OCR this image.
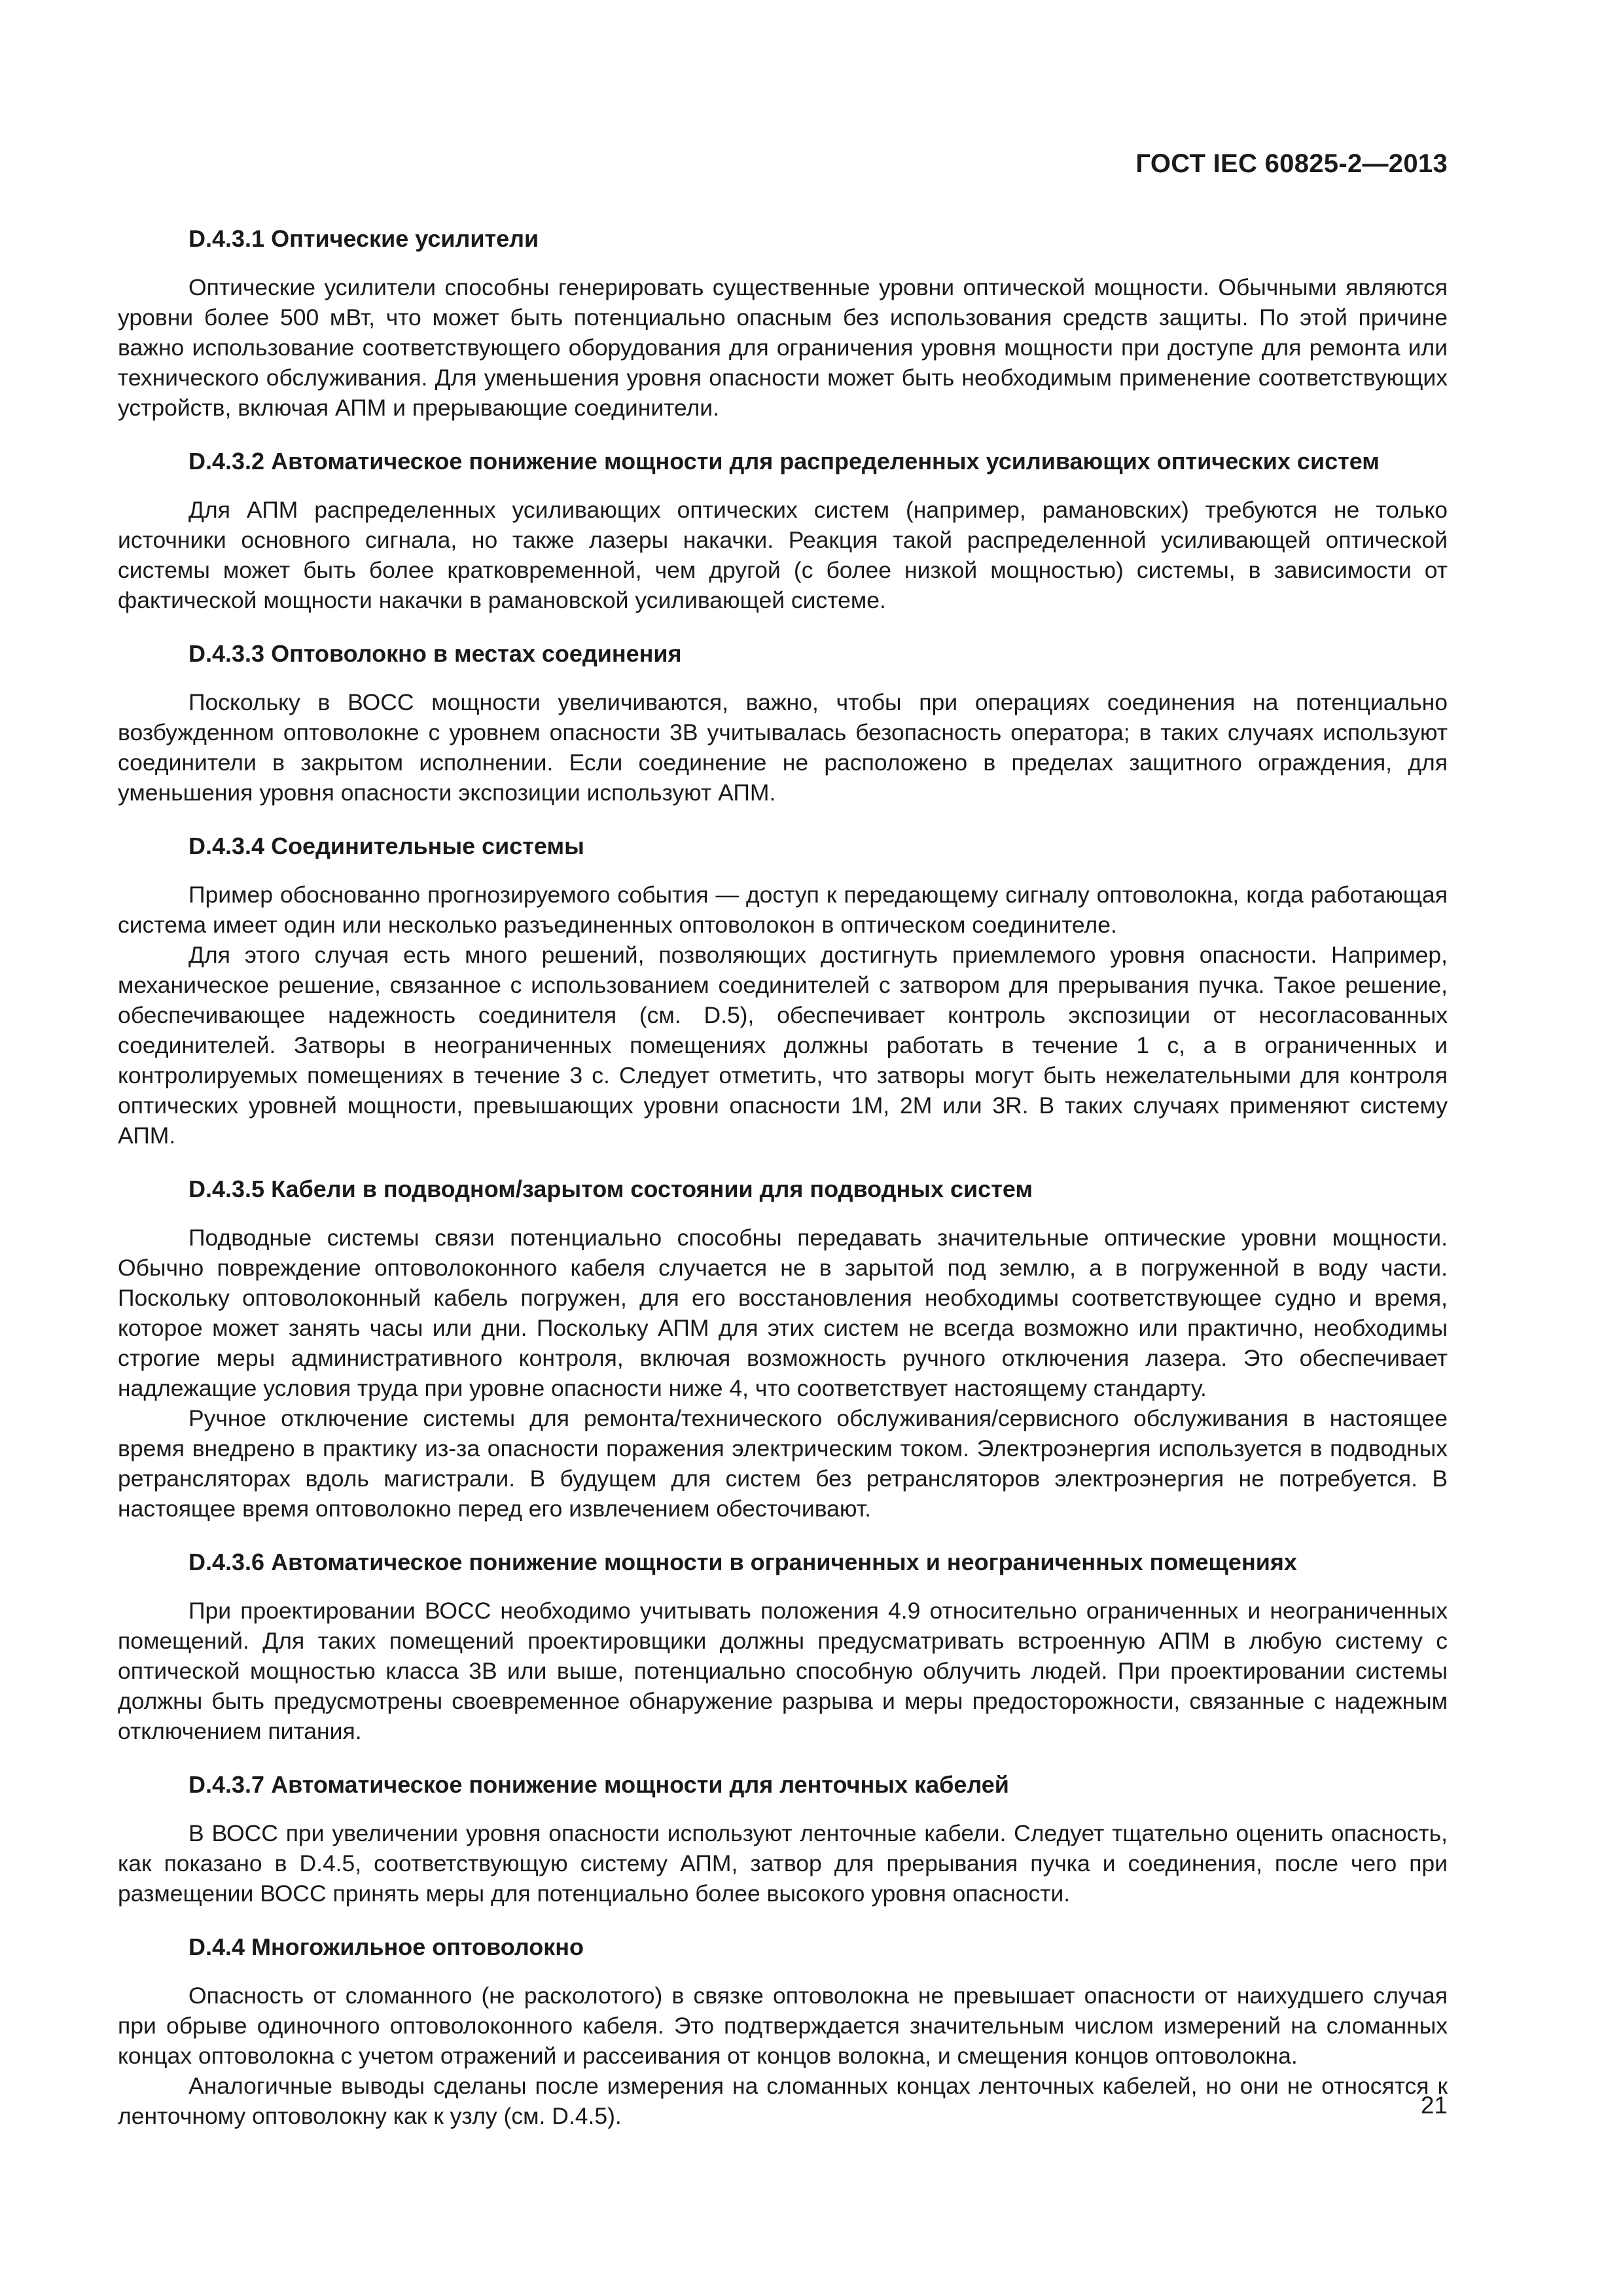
ГОСТ IEC 60825-2—2013
D.4.3.1 Оптические усилители

Оптические усилители способны генерировать существенные уровни оптической мощности. Обычными являются уровни более 500 мВт, что может быть потенциально опасным без использования средств защиты. По этой причине важно использование соответствующего оборудования для ограничения уровня мощности при доступе для ремонта или технического обслуживания. Для уменьшения уровня опасности может быть необходимым применение соответствующих устройств, включая АПМ и прерывающие соединители.

D.4.3.2 Автоматическое понижение мощности для распределенных усиливающих оптических систем

Для АПМ распределенных усиливающих оптических систем (например, рамановских) требуются не только источники основного сигнала, но также лазеры накачки. Реакция такой распределенной усиливающей оптической системы может быть более кратковременной, чем другой (с более низкой мощностью) системы, в зависимости от фактической мощности накачки в рамановской усиливающей системе.

D.4.3.3 Оптоволокно в местах соединения

Поскольку в ВОСС мощности увеличиваются, важно, чтобы при операциях соединения на потенциально возбужденном оптоволокне с уровнем опасности 3В учитывалась безопасность оператора; в таких случаях используют соединители в закрытом исполнении. Если соединение не расположено в пределах защитного ограждения, для уменьшения уровня опасности экспозиции используют АПМ.

D.4.3.4 Соединительные системы

Пример обоснованно прогнозируемого события — доступ к передающему сигналу оптоволокна, когда работающая система имеет один или несколько разъединенных оптоволокон в оптическом соединителе.

Для этого случая есть много решений, позволяющих достигнуть приемлемого уровня опасности. Например, механическое решение, связанное с использованием соединителей с затвором для прерывания пучка. Такое решение, обеспечивающее надежность соединителя (см. D.5), обеспечивает контроль экспозиции от несогласованных соединителей. Затворы в неограниченных помещениях должны работать в течение 1 с, а в ограниченных и контролируемых помещениях в течение 3 с. Следует отметить, что затворы могут быть нежелательными для контроля оптических уровней мощности, превышающих уровни опасности 1М, 2М или 3R. В таких случаях применяют систему АПМ.

D.4.3.5 Кабели в подводном/зарытом состоянии для подводных систем

Подводные системы связи потенциально способны передавать значительные оптические уровни мощности. Обычно повреждение оптоволоконного кабеля случается не в зарытой под землю, а в погруженной в воду части. Поскольку оптоволоконный кабель погружен, для его восстановления необходимы соответствующее судно и время, которое может занять часы или дни. Поскольку АПМ для этих систем не всегда возможно или практично, необходимы строгие меры административного контроля, включая возможность ручного отключения лазера. Это обеспечивает надлежащие условия труда при уровне опасности ниже 4, что соответствует настоящему стандарту.

Ручное отключение системы для ремонта/технического обслуживания/сервисного обслуживания в настоящее время внедрено в практику из-за опасности поражения электрическим током. Электроэнергия используется в подводных ретрансляторах вдоль магистрали. В будущем для систем без ретрансляторов электроэнергия не потребуется. В настоящее время оптоволокно перед его извлечением обесточивают.

D.4.3.6 Автоматическое понижение мощности в ограниченных и неограниченных помещениях

При проектировании ВОСС необходимо учитывать положения 4.9 относительно ограниченных и неограниченных помещений. Для таких помещений проектировщики должны предусматривать встроенную АПМ в любую систему с оптической мощностью класса 3В или выше, потенциально способную облучить людей. При проектировании системы должны быть предусмотрены своевременное обнаружение разрыва и меры предосторожности, связанные с надежным отключением питания.

D.4.3.7 Автоматическое понижение мощности для ленточных кабелей

В ВОСС при увеличении уровня опасности используют ленточные кабели. Следует тщательно оценить опасность, как показано в D.4.5, соответствующую систему АПМ, затвор для прерывания пучка и соединения, после чего при размещении ВОСС принять меры для потенциально более высокого уровня опасности.

D.4.4 Многожильное оптоволокно

Опасность от сломанного (не расколотого) в связке оптоволокна не превышает опасности от наихудшего случая при обрыве одиночного оптоволоконного кабеля. Это подтверждается значительным числом измерений на сломанных концах оптоволокна с учетом отражений и рассеивания от концов волокна, и смещения концов оптоволокна.

Аналогичные выводы сделаны после измерения на сломанных концах ленточных кабелей, но они не относятся к ленточному оптоволокну как к узлу (см. D.4.5).	21
